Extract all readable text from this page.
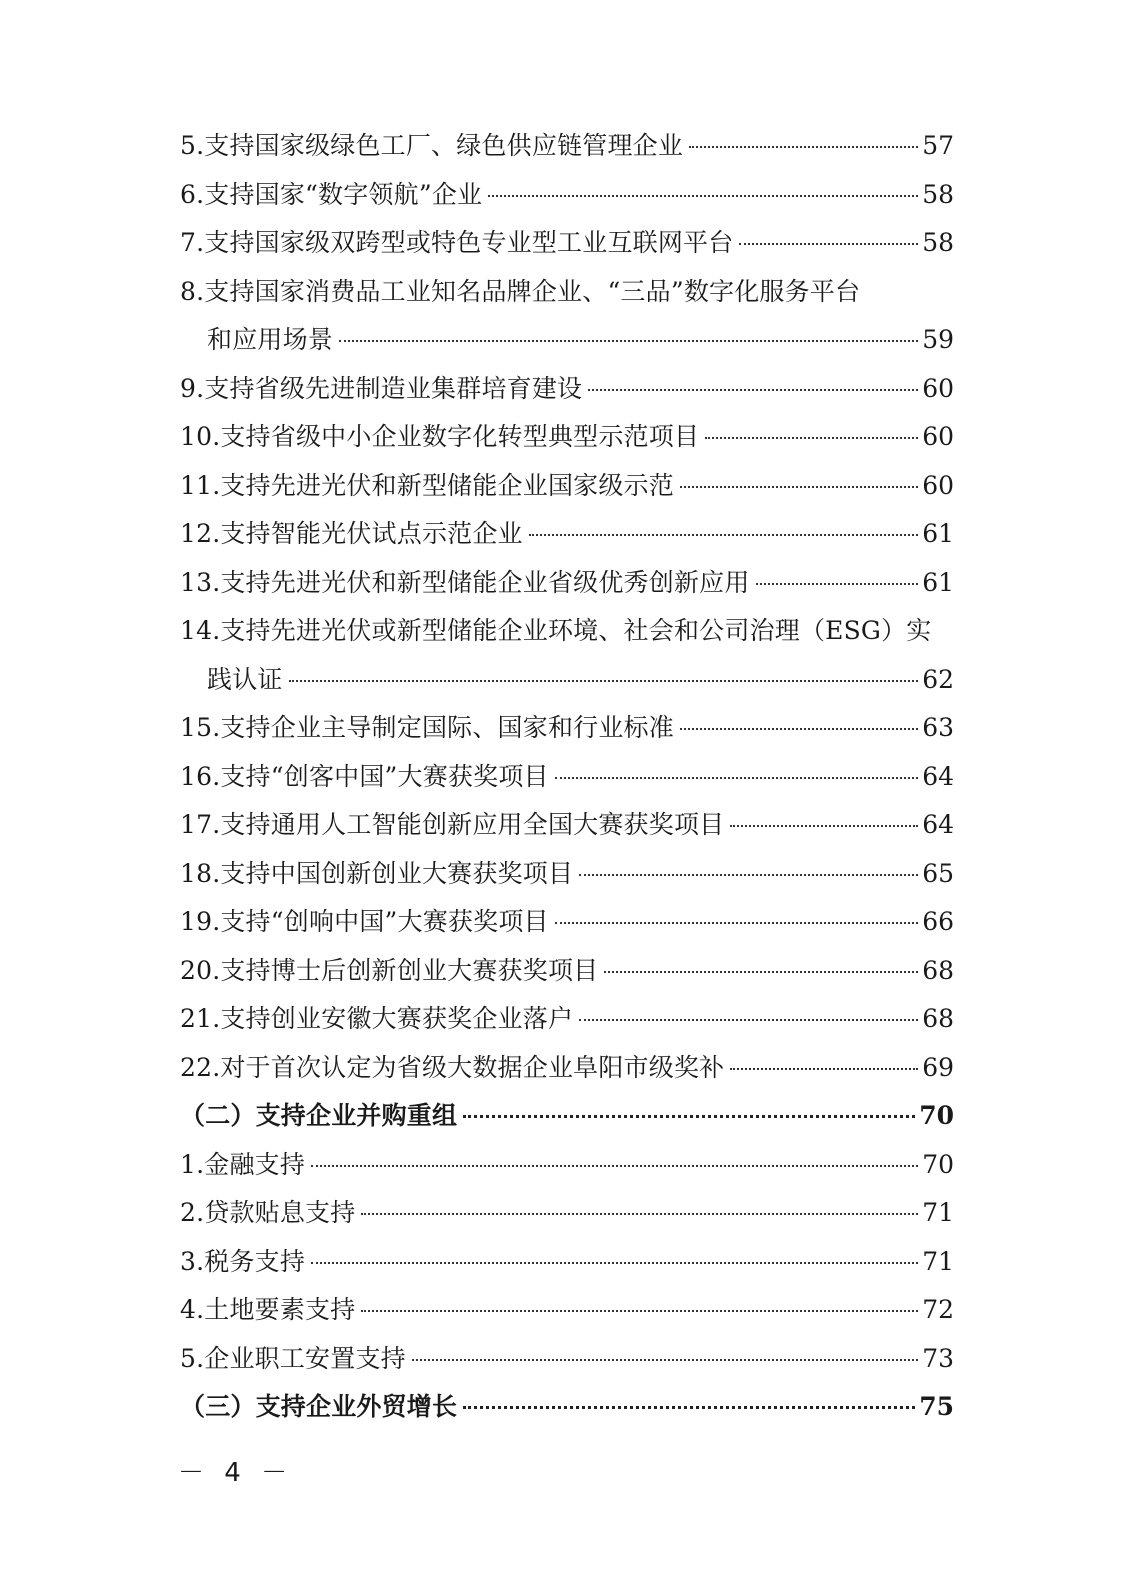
5.支持国家级绿色工厂、绿色供应链管理企业	57
6.支持国家“数字领航”企业	58
7.支持国家级双跨型或特色专业型工业互联网平台	58
8.支持国家消费品工业知名品牌企业、“三品”数字化服务平台
和应用场景	59
9.支持省级先进制造业集群培育建设	60
10.支持省级中小企业数字化转型典型示范项目	60
11.支持先进光伏和新型储能企业国家级示范	60
12.支持智能光伏试点示范企业	61
13.支持先进光伏和新型储能企业省级优秀创新应用	61
14.支持先进光伏或新型储能企业环境、社会和公司治理（ESG）实
践认证	62
15.支持企业主导制定国际、国家和行业标准	63
16.支持“创客中国”大赛获奖项目	64
17.支持通用人工智能创新应用全国大赛获奖项目	64
18.支持中国创新创业大赛获奖项目	65
19.支持“创响中国”大赛获奖项目	66
20.支持博士后创新创业大赛获奖项目	68
21.支持创业安徽大赛获奖企业落户	68
22.对于首次认定为省级大数据企业阜阳市级奖补	69
（二）支持企业并购重组	70
1.金融支持	70
2.贷款贴息支持	71
3.税务支持	71
4.土地要素支持	72
5.企业职工安置支持	73
（三）支持企业外贸增长	75
－ 4 －
